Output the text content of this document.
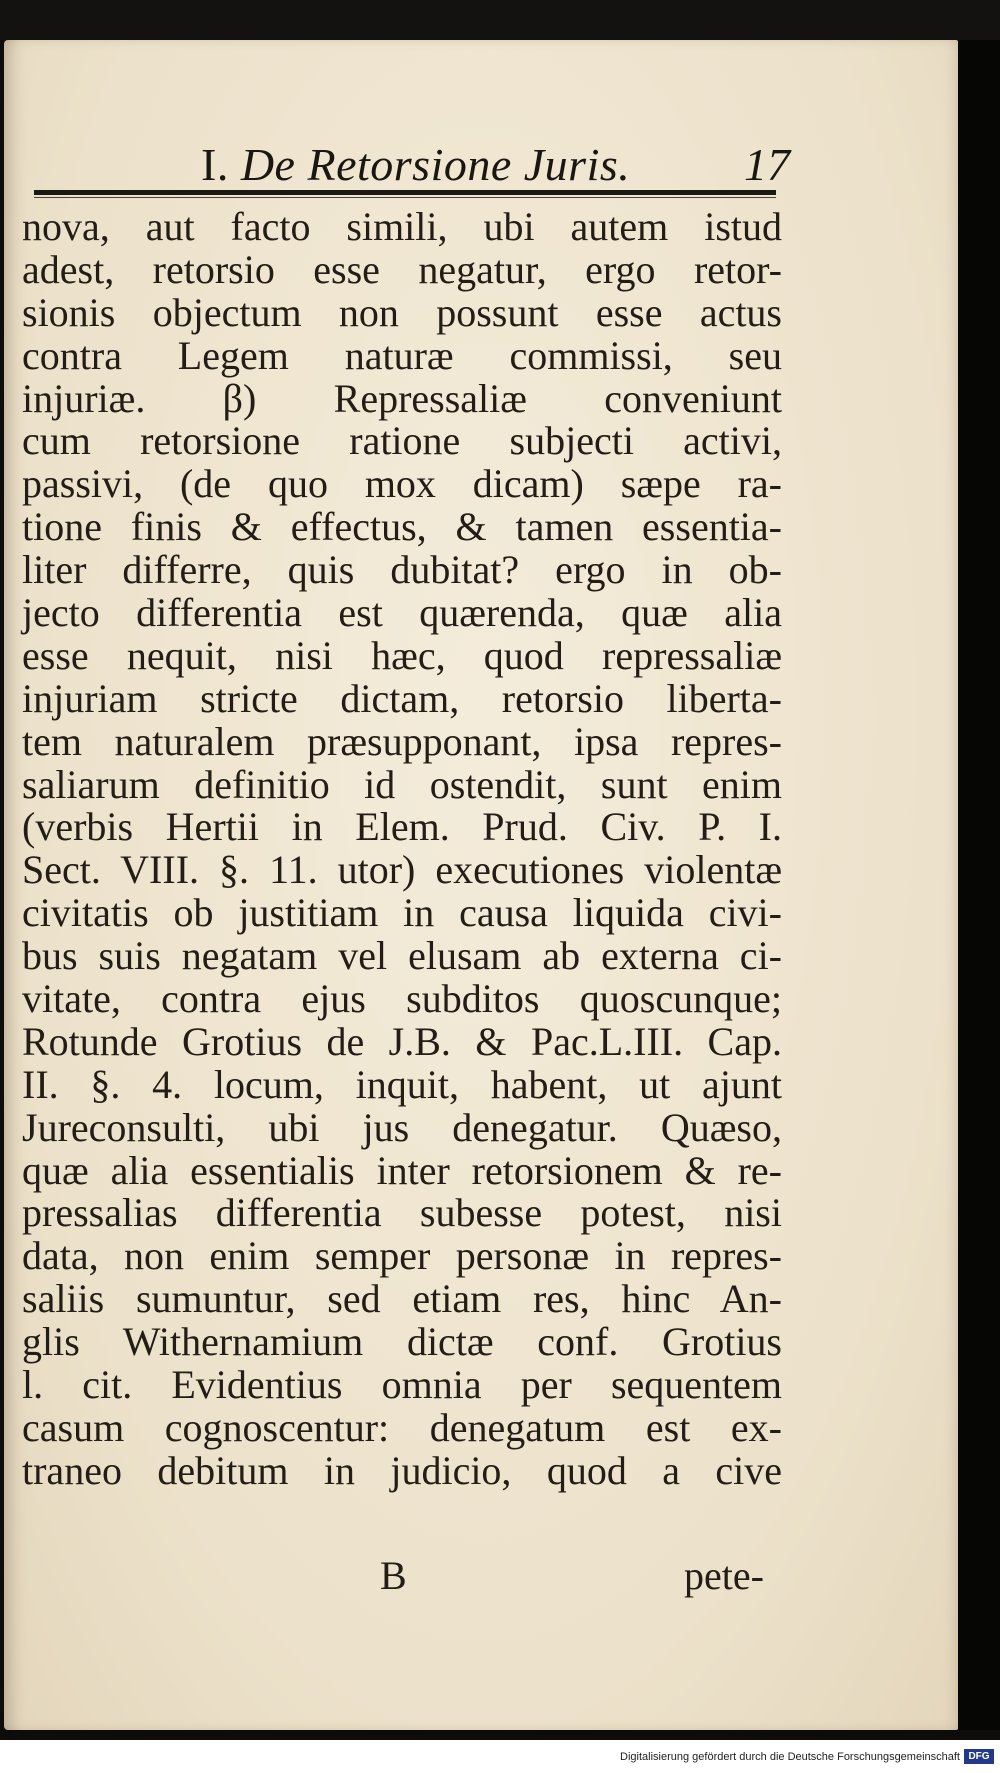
I. De Retorsione Juris. 17
nova, aut facto simili, ubi autem istud
adest, retorsio esse negatur, ergo retor-
sionis objectum non possunt esse actus
contra Legem naturæ commissi, seu
injuriæ. β) Repressaliæ conveniunt
cum retorsione ratione subjecti activi,
passivi, (de quo mox dicam) sæpe ra-
tione finis & effectus, & tamen essentia-
liter differre, quis dubitat? ergo in ob-
jecto differentia est quærenda, quæ alia
esse nequit, nisi hæc, quod repressaliæ
injuriam stricte dictam, retorsio liberta-
tem naturalem præsupponant, ipsa repres-
saliarum definitio id ostendit, sunt enim
(verbis Hertii in Elem. Prud. Civ. P. I.
Sect. VIII. §. 11. utor) executiones violentæ
civitatis ob justitiam in causa liquida civi-
bus suis negatam vel elusam ab externa ci-
vitate, contra ejus subditos quoscunque;
Rotunde Grotius de J.B. & Pac.L.III. Cap.
II. §. 4. locum, inquit, habent, ut ajunt
Jureconsulti, ubi jus denegatur. Quæso,
quæ alia essentialis inter retorsionem & re-
pressalias differentia subesse potest, nisi
data, non enim semper personæ in repres-
saliis sumuntur, sed etiam res, hinc An-
glis Withernamium dictæ conf. Grotius
l. cit. Evidentius omnia per sequentem
casum cognoscentur: denegatum est ex-
traneo debitum in judicio, quod a cive
B	pete-
Digitalisierung gefördert durch die Deutsche Forschungsgemeinschaft DFG
